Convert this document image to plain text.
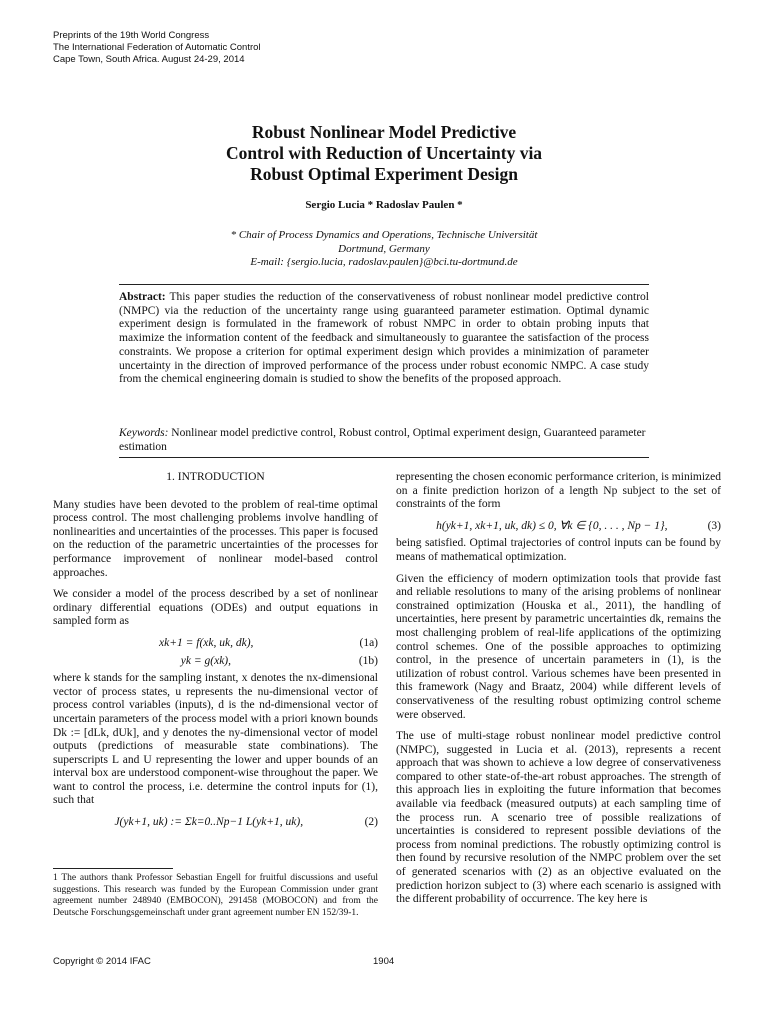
Preprints of the 19th World Congress
The International Federation of Automatic Control
Cape Town, South Africa. August 24-29, 2014
Robust Nonlinear Model Predictive
Control with Reduction of Uncertainty via
Robust Optimal Experiment Design
Sergio Lucia * Radoslav Paulen *
* Chair of Process Dynamics and Operations, Technische Universität
Dortmund, Germany
E-mail: {sergio.lucia, radoslav.paulen}@bci.tu-dortmund.de
Abstract: This paper studies the reduction of the conservativeness of robust nonlinear model predictive control (NMPC) via the reduction of the uncertainty range using guaranteed parameter estimation. Optimal dynamic experiment design is formulated in the framework of robust NMPC in order to obtain probing inputs that maximize the information content of the feedback and simultaneously to guarantee the satisfaction of the process constraints. We propose a criterion for optimal experiment design which provides a minimization of parameter uncertainty in the direction of improved performance of the process under robust economic NMPC. A case study from the chemical engineering domain is studied to show the benefits of the proposed approach.
Keywords: Nonlinear model predictive control, Robust control, Optimal experiment design, Guaranteed parameter estimation
1. INTRODUCTION

Many studies have been devoted to the problem of real-time optimal process control. The most challenging problems involve handling of nonlinearities and uncertainties of the processes. This paper is focused on the reduction of the parametric uncertainties of the processes for performance improvement of nonlinear model-based control approaches.

We consider a model of the process described by a set of nonlinear ordinary differential equations (ODEs) and output equations in sampled form as

xk+1 = f(xk, uk, dk),	(1a)
yk = g(xk),	(1b)

where k stands for the sampling instant, x denotes the nx-dimensional vector of process states, u represents the nu-dimensional vector of process control variables (inputs), d is the nd-dimensional vector of uncertain parameters of the process model with a priori known bounds Dk := [dLk, dUk], and y denotes the ny-dimensional vector of model outputs (predictions of measurable state combinations). The superscripts L and U representing the lower and upper bounds of an interval box are understood component-wise throughout the paper. We want to control the process, i.e. determine the control inputs for (1), such that

J(yk+1, uk) := Σk=0..Np−1 L(yk+1, uk),	(2)
1 The authors thank Professor Sebastian Engell for fruitful discussions and useful suggestions. This research was funded by the European Commission under grant agreement number 248940 (EMBOCON), 291458 (MOBOCON) and from the Deutsche Forschungsgemeinschaft under grant agreement number EN 152/39-1.

representing the chosen economic performance criterion, is minimized on a finite prediction horizon of a length Np subject to the set of constraints of the form

h(yk+1, xk+1, uk, dk) ≤ 0, ∀k ∈ {0, . . . , Np − 1},	(3)

being satisfied. Optimal trajectories of control inputs can be found by means of mathematical optimization.

Given the efficiency of modern optimization tools that provide fast and reliable resolutions to many of the arising problems of nonlinear constrained optimization (Houska et al., 2011), the handling of uncertainties, here present by parametric uncertainties dk, remains the most challenging problem of real-life applications of the optimizing control schemes. One of the possible approaches to optimizing control, in the presence of uncertain parameters in (1), is the utilization of robust control. Various schemes have been presented in this framework (Nagy and Braatz, 2004) while different levels of conservativeness of the resulting robust optimizing control scheme were observed.

The use of multi-stage robust nonlinear model predictive control (NMPC), suggested in Lucia et al. (2013), represents a recent approach that was shown to achieve a low degree of conservativeness compared to other state-of-the-art robust approaches. The strength of this approach lies in exploiting the future information that becomes available via feedback (measured outputs) at each sampling time of the process run. A scenario tree of possible realizations of uncertainties is considered to represent possible deviations of the process from nominal predictions. The robustly optimizing control is then found by recursive resolution of the NMPC problem over the set of generated scenarios with (2) as an objective evaluated on the prediction horizon subject to (3) where each scenario is assigned with the different probability of occurrence. The key here is

Copyright © 2014 IFAC	1904
